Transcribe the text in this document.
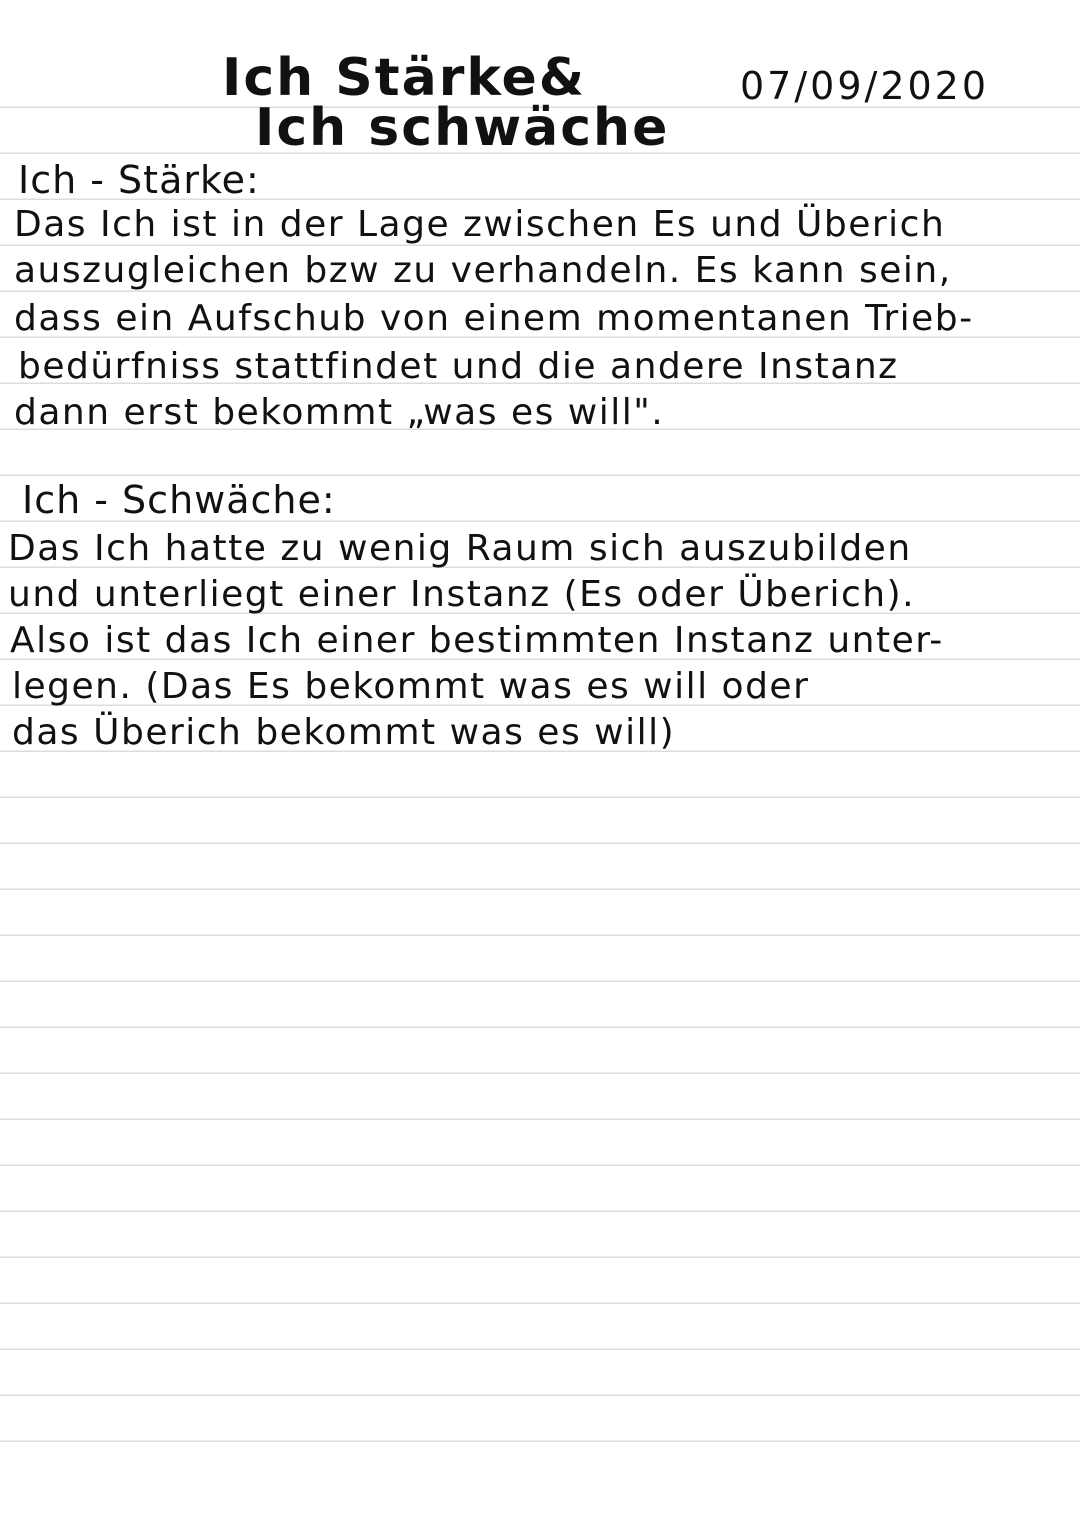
Ich Stärke&
Ich schwäche
07/09/2020
Ich - Stärke:
Das Ich ist in der Lage zwischen Es und Überich
auszugleichen bzw zu verhandeln. Es kann sein,
dass ein Aufschub von einem momentanen Trieb-
bedürfniss stattfindet und die andere Instanz
dann erst bekommt „was es will".
Ich - Schwäche:
Das Ich hatte zu wenig Raum sich auszubilden
und unterliegt einer Instanz (Es oder Überich).
Also ist das Ich einer bestimmten Instanz unter-
legen. (Das Es bekommt was es will oder
das Überich bekommt was es will)
